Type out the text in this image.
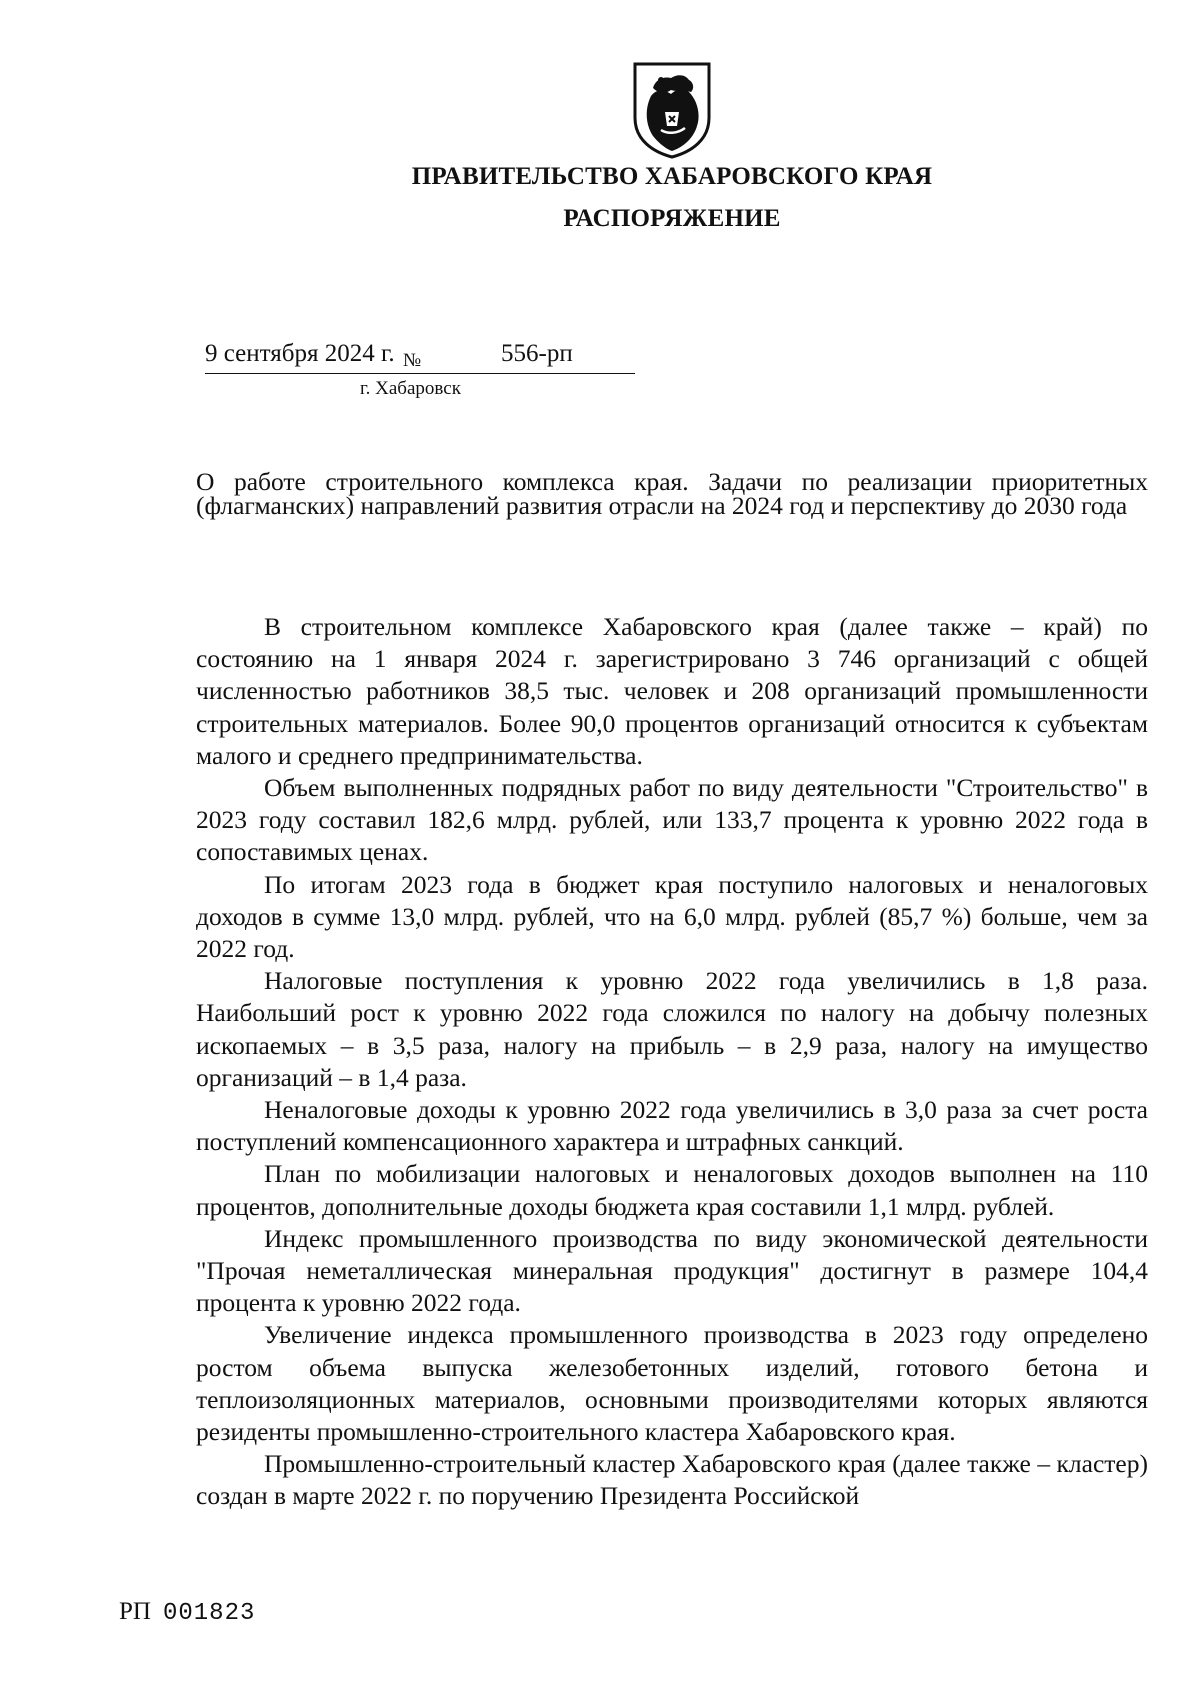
ПРАВИТЕЛЬСТВО ХАБАРОВСКОГО КРАЯ
РАСПОРЯЖЕНИЕ
9 сентября 2024 г. №	556-рп
г. Хабаровск
О работе строительного комплекса края. Задачи по реализации приоритетных (флагманских) направлений развития отрасли на 2024 год и перспективу до 2030 года

В строительном комплексе Хабаровского края (далее также – край) по состоянию на 1 января 2024 г. зарегистрировано 3 746 организаций с общей численностью работников 38,5 тыс. человек и 208 организаций промышленности строительных материалов. Более 90,0 процентов организаций относится к субъектам малого и среднего предпринимательства.

Объем выполненных подрядных работ по виду деятельности "Строительство" в 2023 году составил 182,6 млрд. рублей, или 133,7 процента к уровню 2022 года в сопоставимых ценах.

По итогам 2023 года в бюджет края поступило налоговых и неналоговых доходов в сумме 13,0 млрд. рублей, что на 6,0 млрд. рублей (85,7 %) больше, чем за 2022 год.

Налоговые поступления к уровню 2022 года увеличились в 1,8 раза. Наибольший рост к уровню 2022 года сложился по налогу на добычу полезных ископаемых – в 3,5 раза, налогу на прибыль – в 2,9 раза, налогу на имущество организаций – в 1,4 раза.

Неналоговые доходы к уровню 2022 года увеличились в 3,0 раза за счет роста поступлений компенсационного характера и штрафных санкций.

План по мобилизации налоговых и неналоговых доходов выполнен на 110 процентов, дополнительные доходы бюджета края составили 1,1 млрд. рублей.

Индекс промышленного производства по виду экономической деятельности "Прочая неметаллическая минеральная продукция" достигнут в размере 104,4 процента к уровню 2022 года.

Увеличение индекса промышленного производства в 2023 году определено ростом объема выпуска железобетонных изделий, готового бетона и теплоизоляционных материалов, основными производителями которых являются резиденты промышленно-строительного кластера Хабаровского края.

Промышленно-строительный кластер Хабаровского края (далее также – кластер) создан в марте 2022 г. по поручению Президента Российской

РП 001823
